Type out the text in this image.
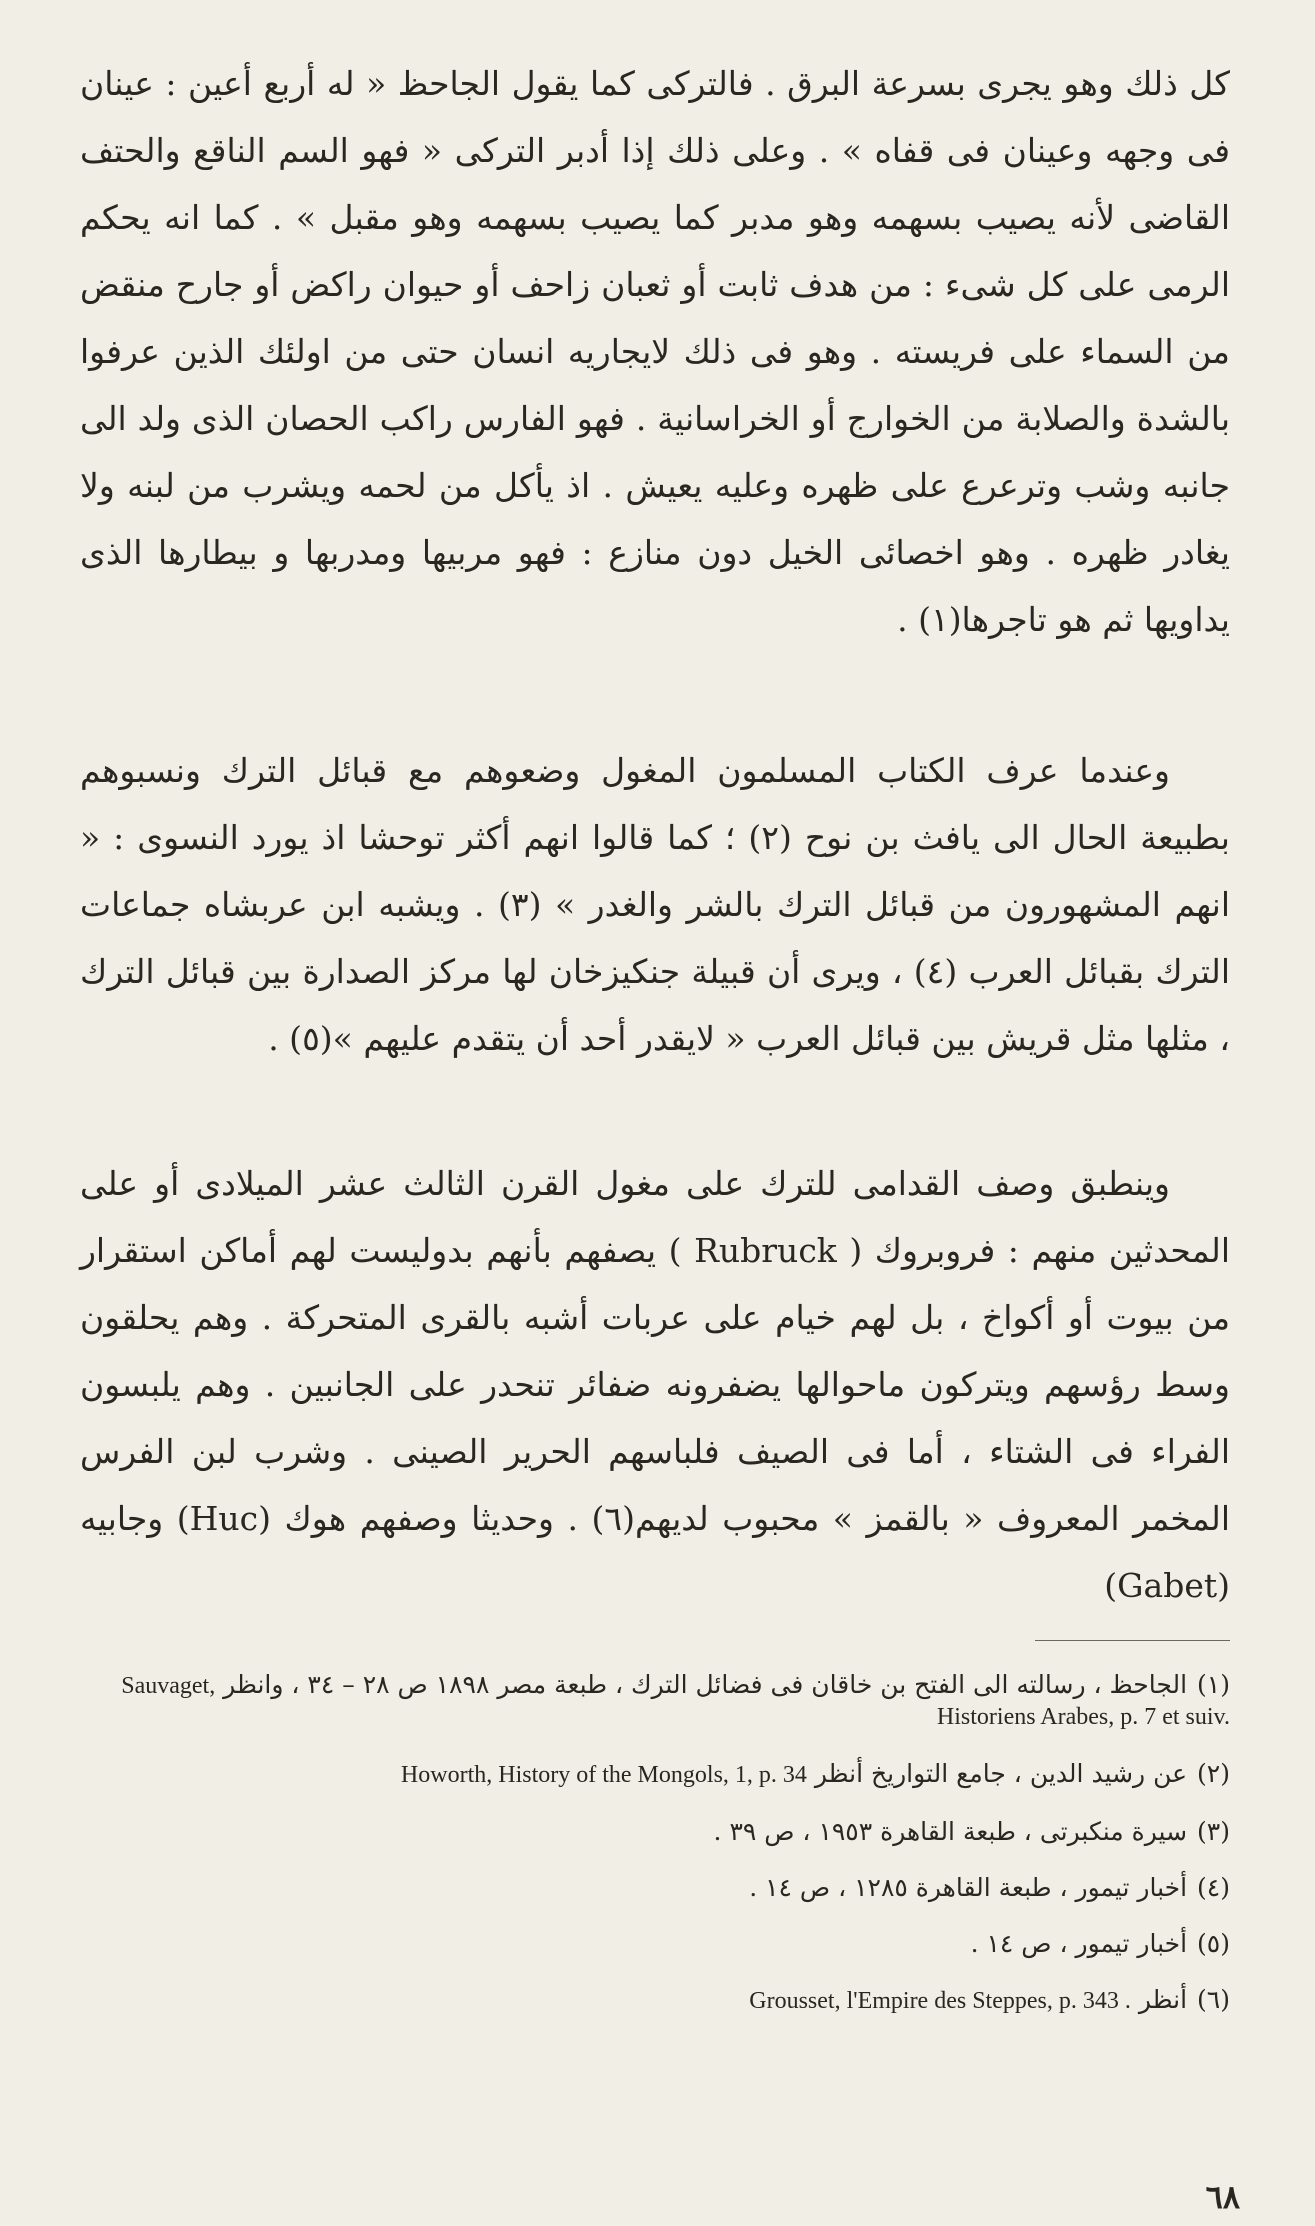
كل ذلك وهو يجرى بسرعة البرق . فالتركى كما يقول الجاحظ « له أربع أعين : عينان فى وجهه وعينان فى قفاه » . وعلى ذلك إذا أدبر التركى « فهو السم الناقع والحتف القاضى لأنه يصيب بسهمه وهو مدبر كما يصيب بسهمه وهو مقبل » . كما انه يحكم الرمى على كل شىء : من هدف ثابت أو ثعبان زاحف أو حيوان راكض أو جارح منقض من السماء على فريسته . وهو فى ذلك لايجاريه انسان حتى من اولئك الذين عرفوا بالشدة والصلابة من الخوارج أو الخراسانية . فهو الفارس راكب الحصان الذى ولد الى جانبه وشب وترعرع على ظهره وعليه يعيش . اذ يأكل من لحمه ويشرب من لبنه ولا يغادر ظهره . وهو اخصائى الخيل دون منازع : فهو مربيها ومدربها و بيطارها الذى يداويها ثم هو تاجرها(١) .

وعندما عرف الكتاب المسلمون المغول وضعوهم مع قبائل الترك ونسبوهم بطبيعة الحال الى يافث بن نوح (٢) ؛ كما قالوا انهم أكثر توحشا اذ يورد النسوى : « انهم المشهورون من قبائل الترك بالشر والغدر » (٣) . ويشبه ابن عربشاه جماعات الترك بقبائل العرب (٤) ، ويرى أن قبيلة جنكيزخان لها مركز الصدارة بين قبائل الترك ، مثلها مثل قريش بين قبائل العرب « لايقدر أحد أن يتقدم عليهم »(٥) .

وينطبق وصف القدامى للترك على مغول القرن الثالث عشر الميلادى أو على المحدثين منهم : فروبروك ( Rubruck ) يصفهم بأنهم بدوليست لهم أماكن استقرار من بيوت أو أكواخ ، بل لهم خيام على عربات أشبه بالقرى المتحركة . وهم يحلقون وسط رؤسهم ويتركون ماحوالها يضفرونه ضفائر تنحدر على الجانبين . وهم يلبسون الفراء فى الشتاء ، أما فى الصيف فلباسهم الحرير الصينى . وشرب لبن الفرس المخمر المعروف « بالقمز » محبوب لديهم(٦) . وحديثا وصفهم هوك (Huc) وجابيه (Gabet)

(١)الجاحظ ، رسالته الى الفتح بن خاقان فى فضائل الترك ، طبعة مصر ١٨٩٨ ص ٢٨ – ٣٤ ، وانظر Sauvaget, Historiens Arabes, p. 7 et suiv.

(٢)عن رشيد الدين ، جامع التواريخ أنظر Howorth, History of the Mongols, 1, p. 34

(٣)سيرة منكبرتى ، طبعة القاهرة ١٩٥٣ ، ص ٣٩ .

(٤)أخبار تيمور ، طبعة القاهرة ١٢٨٥ ، ص ١٤ .

(٥)أخبار تيمور ، ص ١٤ .

(٦)أنظر Grousset, l'Empire des Steppes, p. 343 .

٦٨
